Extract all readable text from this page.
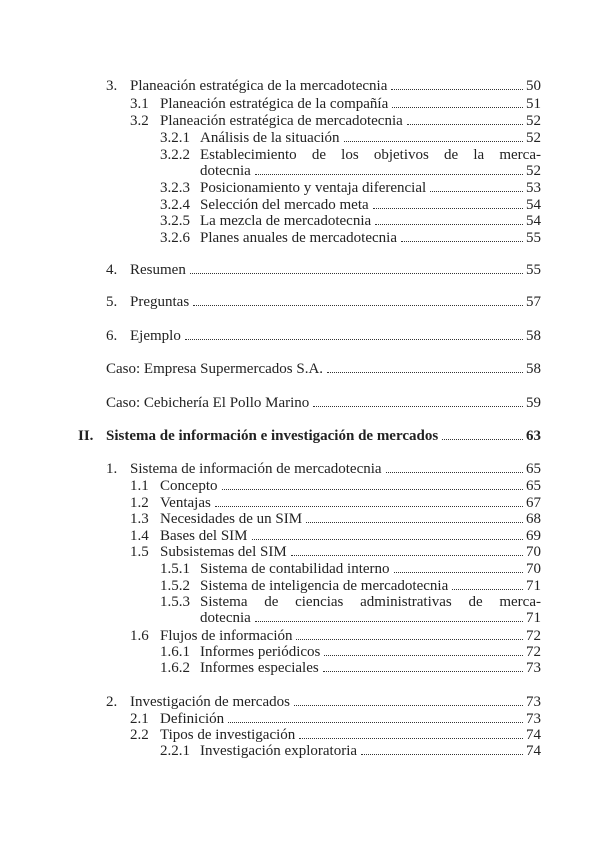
3. Planeación estratégica de la mercadotecnia	50
3.1 Planeación estratégica de la compañía	51
3.2 Planeación estratégica de mercadotecnia	52
3.2.1 Análisis de la situación	52
3.2.2 Establecimiento de los objetivos de la merca-
dotecnia	52
3.2.3 Posicionamiento y ventaja diferencial	53
3.2.4 Selección del mercado meta	54
3.2.5 La mezcla de mercadotecnia	54
3.2.6 Planes anuales de mercadotecnia	55
4. Resumen	55
5. Preguntas	57
6. Ejemplo	58
Caso: Empresa Supermercados S.A.	58
Caso: Cebichería El Pollo Marino	59
II. Sistema de información e investigación de mercados	63
1. Sistema de información de mercadotecnia	65
1.1 Concepto	65
1.2 Ventajas	67
1.3 Necesidades de un SIM	68
1.4 Bases del SIM	69
1.5 Subsistemas del SIM	70
1.5.1 Sistema de contabilidad interno	70
1.5.2 Sistema de inteligencia de mercadotecnia	71
1.5.3 Sistema de ciencias administrativas de merca-
dotecnia	71
1.6 Flujos de información	72
1.6.1 Informes periódicos	72
1.6.2 Informes especiales	73
2. Investigación de mercados	73
2.1 Definición	73
2.2 Tipos de investigación	74
2.2.1 Investigación exploratoria	74
